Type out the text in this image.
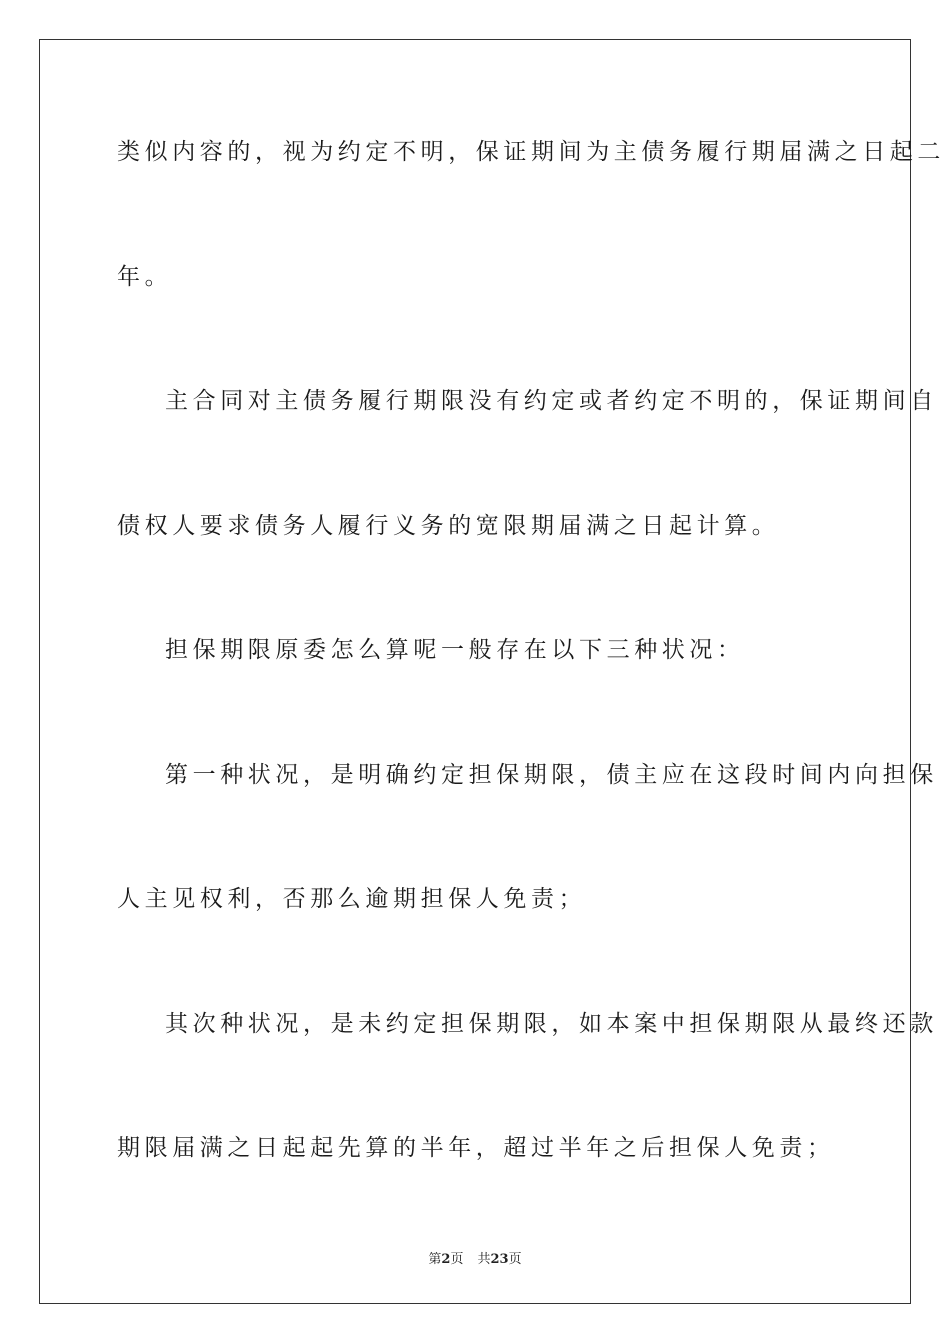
类似内容的，视为约定不明，保证期间为主债务履行期届满之日起二
年。
主合同对主债务履行期限没有约定或者约定不明的，保证期间自
债权人要求债务人履行义务的宽限期届满之日起计算。
担保期限原委怎么算呢一般存在以下三种状况：
第一种状况，是明确约定担保期限，债主应在这段时间内向担保
人主见权利，否那么逾期担保人免责；
其次种状况，是未约定担保期限，如本案中担保期限从最终还款
期限届满之日起起先算的半年，超过半年之后担保人免责；
第2页 共23页
